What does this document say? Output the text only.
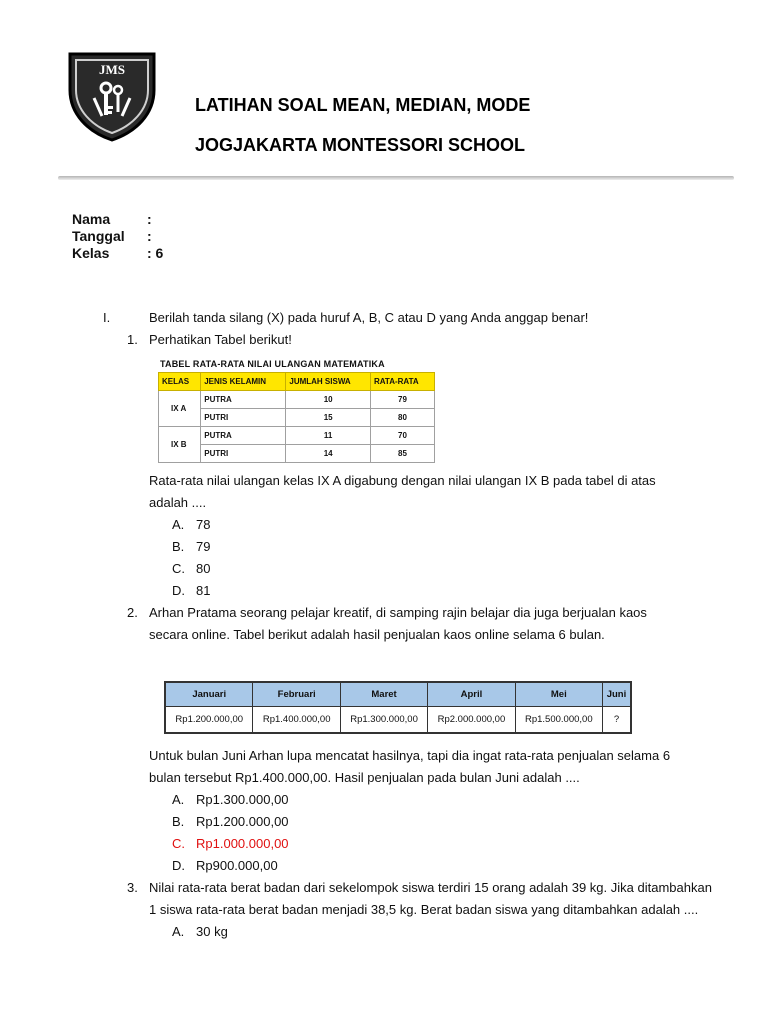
JMS
LATIHAN SOAL MEAN, MEDIAN, MODE
JOGJAKARTA MONTESSORI SCHOOL
Nama	:
Tanggal	:
Kelas	: 6
I.	Berilah tanda silang (X) pada huruf A, B, C atau D yang Anda anggap benar!
1. Perhatikan Tabel berikut!
TABEL RATA-RATA NILAI ULANGAN MATEMATIKA
KELAS	JENIS KELAMIN	JUMLAH SISWA	RATA-RATA
IX A	PUTRA	10	79
	PUTRI	15	80
IX B	PUTRA	11	70
	PUTRI	14	85
Rata-rata nilai ulangan kelas IX A digabung dengan nilai ulangan IX B pada tabel di atas
adalah ....
A. 78
B. 79
C. 80
D. 81
2. Arhan Pratama seorang pelajar kreatif, di samping rajin belajar dia juga berjualan kaos
secara online. Tabel berikut adalah hasil penjualan kaos online selama 6 bulan.
Januari	Februari	Maret	April	Mei	Juni
Rp1.200.000,00	Rp1.400.000,00	Rp1.300.000,00	Rp2.000.000,00	Rp1.500.000,00	?
Untuk bulan Juni Arhan lupa mencatat hasilnya, tapi dia ingat rata-rata penjualan selama 6
bulan tersebut Rp1.400.000,00. Hasil penjualan pada bulan Juni adalah ....
A. Rp1.300.000,00
B. Rp1.200.000,00
C. Rp1.000.000,00
D. Rp900.000,00
3. Nilai rata-rata berat badan dari sekelompok siswa terdiri 15 orang adalah 39 kg. Jika ditambahkan
1 siswa rata-rata berat badan menjadi 38,5 kg. Berat badan siswa yang ditambahkan adalah ....
A. 30 kg
